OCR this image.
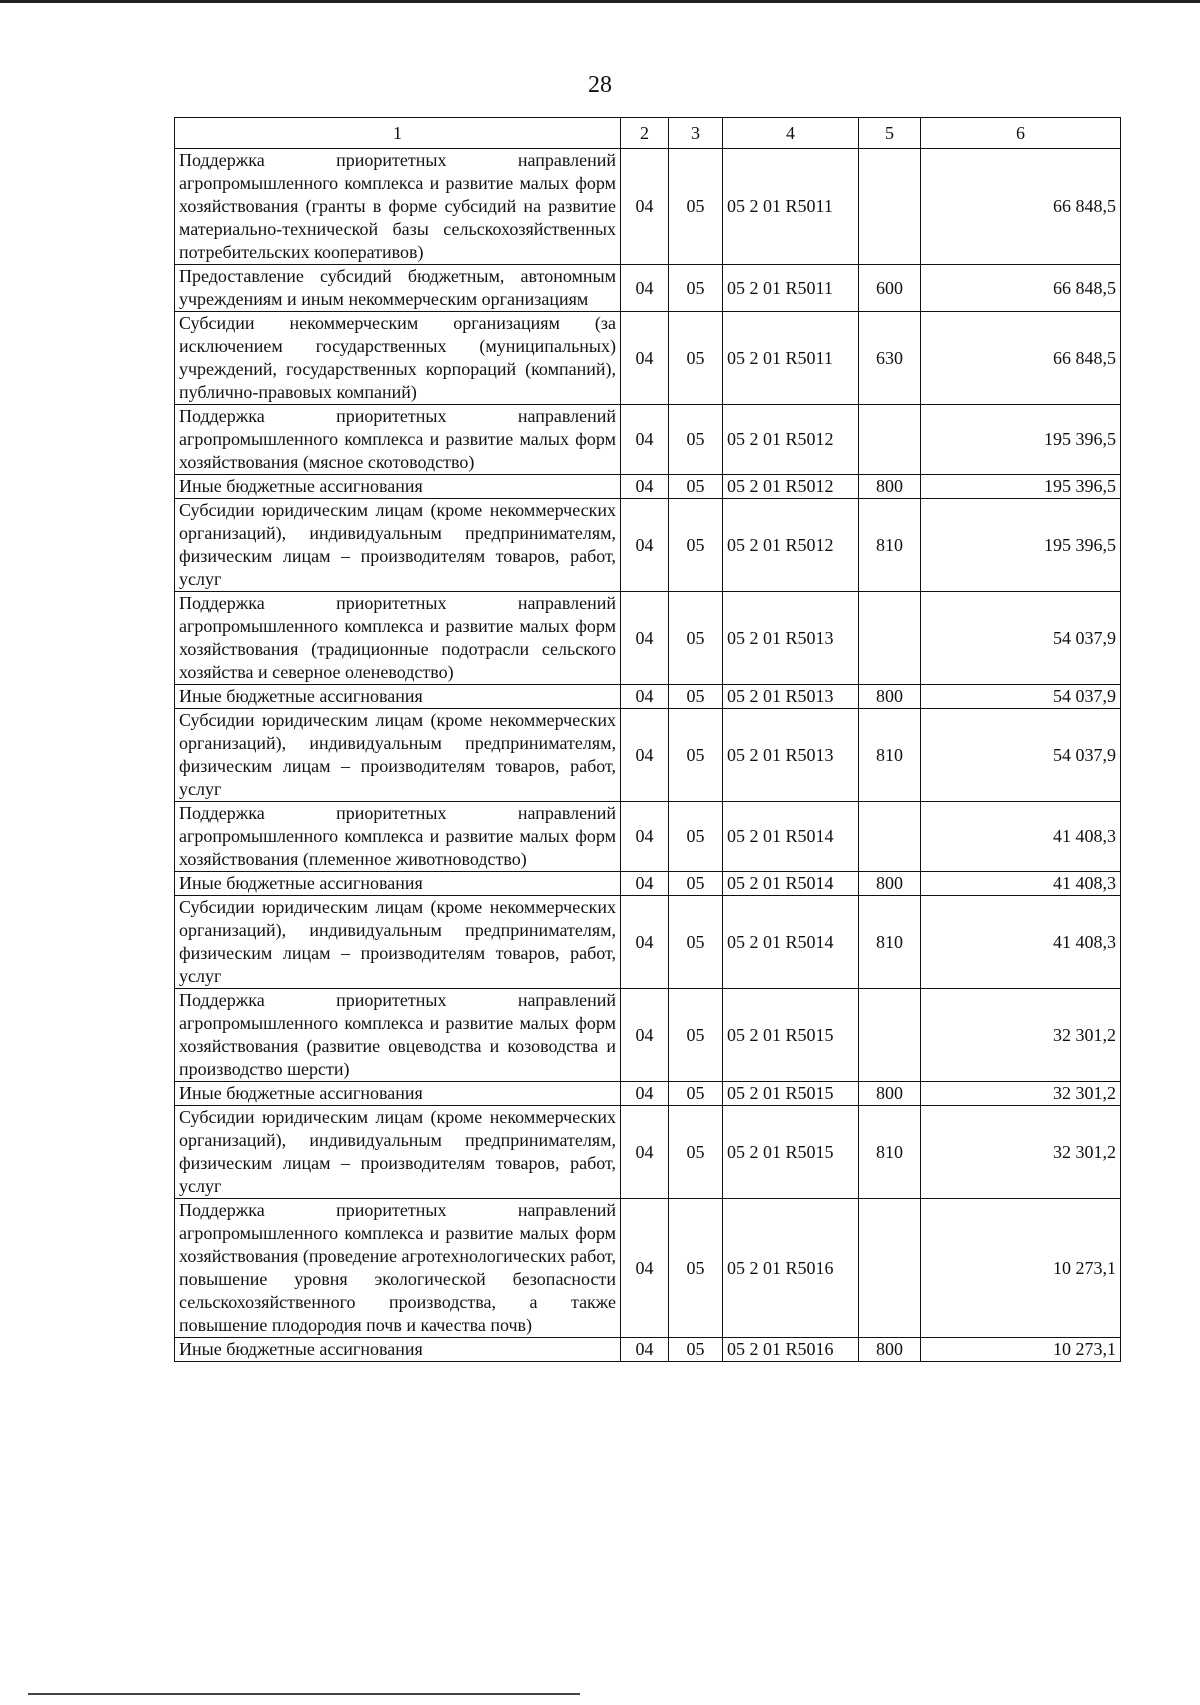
28
1	2	3	4	5	6
Поддержка приоритетных направлений агропромышленного комплекса и развитие малых форм хозяйствования (гранты в форме субсидий на развитие материально-технической базы сельскохозяйственных потребительских кооперативов)	04	05	05 2 01 R5011		66 848,5
Предоставление субсидий бюджетным, автономным учреждениям и иным некоммерческим организациям	04	05	05 2 01 R5011	600	66 848,5
Субсидии некоммерческим организациям (за исключением государственных (муниципальных) учреждений, государственных корпораций (компаний), публично-правовых компаний)	04	05	05 2 01 R5011	630	66 848,5
Поддержка приоритетных направлений агропромышленного комплекса и развитие малых форм хозяйствования (мясное скотоводство)	04	05	05 2 01 R5012		195 396,5
Иные бюджетные ассигнования	04	05	05 2 01 R5012	800	195 396,5
Субсидии юридическим лицам (кроме некоммерческих организаций), индивидуальным предпринимателям, физическим лицам – производителям товаров, работ, услуг	04	05	05 2 01 R5012	810	195 396,5
Поддержка приоритетных направлений агропромышленного комплекса и развитие малых форм хозяйствования (традиционные подотрасли сельского хозяйства и северное оленеводство)	04	05	05 2 01 R5013		54 037,9
Иные бюджетные ассигнования	04	05	05 2 01 R5013	800	54 037,9
Субсидии юридическим лицам (кроме некоммерческих организаций), индивидуальным предпринимателям, физическим лицам – производителям товаров, работ, услуг	04	05	05 2 01 R5013	810	54 037,9
Поддержка приоритетных направлений агропромышленного комплекса и развитие малых форм хозяйствования (племенное животноводство)	04	05	05 2 01 R5014		41 408,3
Иные бюджетные ассигнования	04	05	05 2 01 R5014	800	41 408,3
Субсидии юридическим лицам (кроме некоммерческих организаций), индивидуальным предпринимателям, физическим лицам – производителям товаров, работ, услуг	04	05	05 2 01 R5014	810	41 408,3
Поддержка приоритетных направлений агропромышленного комплекса и развитие малых форм хозяйствования (развитие овцеводства и козоводства и производство шерсти)	04	05	05 2 01 R5015		32 301,2
Иные бюджетные ассигнования	04	05	05 2 01 R5015	800	32 301,2
Субсидии юридическим лицам (кроме некоммерческих организаций), индивидуальным предпринимателям, физическим лицам – производителям товаров, работ, услуг	04	05	05 2 01 R5015	810	32 301,2
Поддержка приоритетных направлений агропромышленного комплекса и развитие малых форм хозяйствования (проведение агротехнологических работ, повышение уровня экологической безопасности сельскохозяйственного производства, а также повышение плодородия почв и качества почв)	04	05	05 2 01 R5016		10 273,1
Иные бюджетные ассигнования	04	05	05 2 01 R5016	800	10 273,1
